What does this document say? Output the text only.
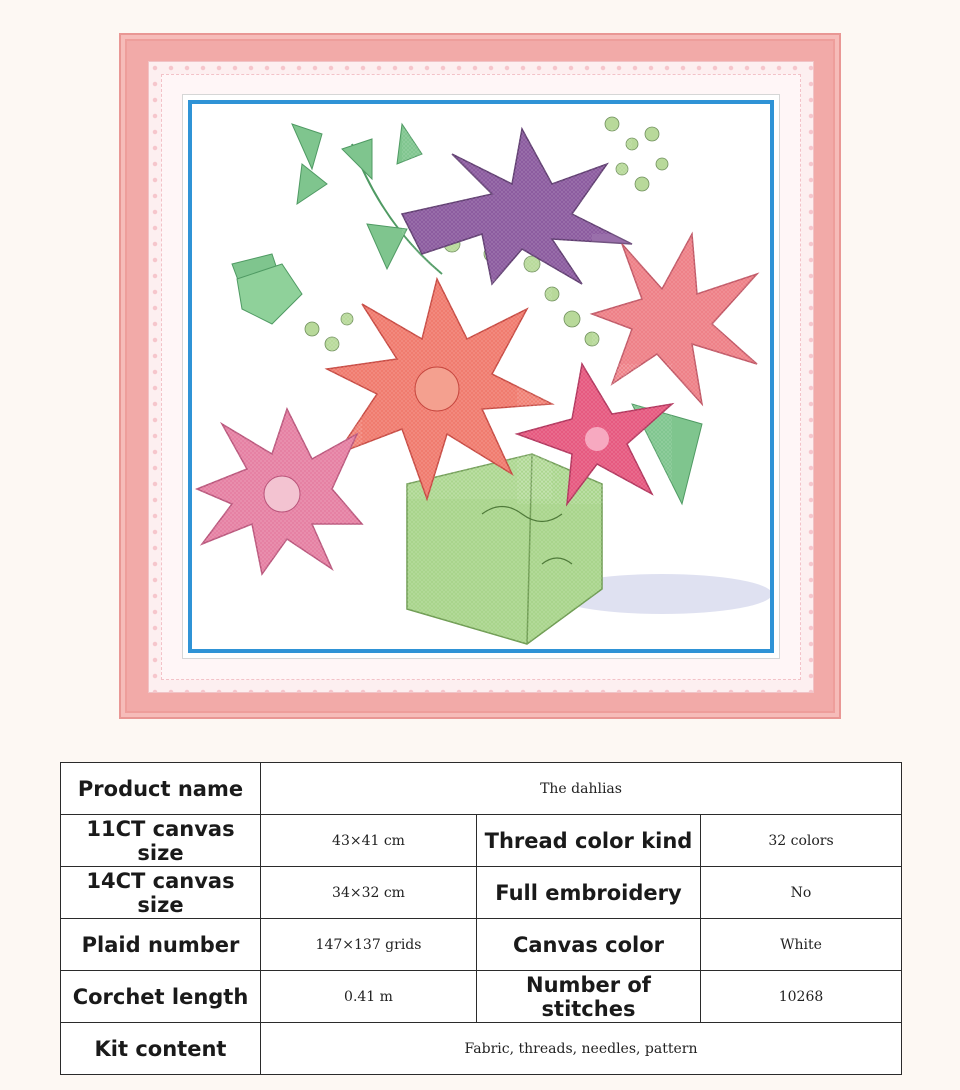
Product name	The dahlias		
11CT canvas size	43×41 cm	Thread color kind	32 colors
14CT canvas size	34×32 cm	Full embroidery	No
Plaid number	147×137 grids	Canvas color	White
Corchet length	0.41 m	Number of stitches	10268
Kit content	Fabric, threads, needles, pattern		
